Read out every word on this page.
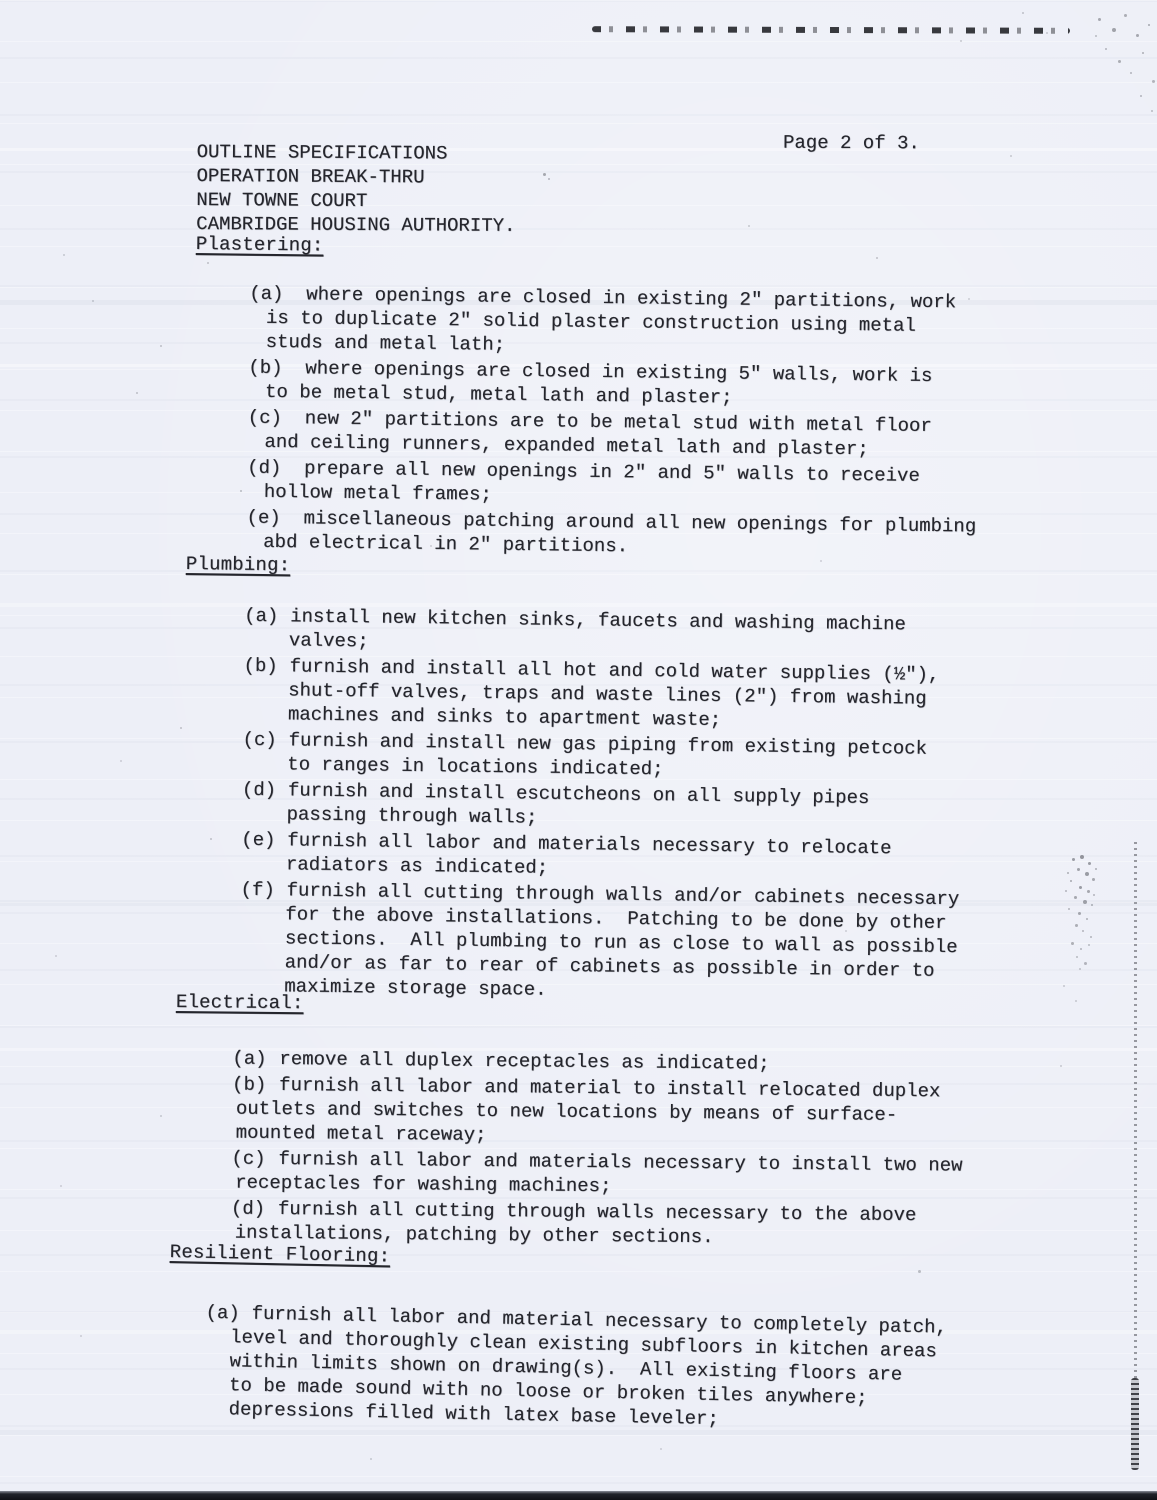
OUTLINE SPECIFICATIONS
OPERATION BREAK-THRU
NEW TOWNE COURT
CAMBRIDGE HOUSING AUTHORITY.

Page 2 of 3.
Plastering:
(a)	where openings are closed in existing 2" partitions, work
is to duplicate 2" solid plaster construction using metal
studs and metal lath;
(b)	where openings are closed in existing 5" walls, work is
to be metal stud, metal lath and plaster;
(c)	new 2" partitions are to be metal stud with metal floor
and ceiling runners, expanded metal lath and plaster;
(d)	prepare all new openings in 2" and 5" walls to receive
hollow metal frames;
(e)	miscellaneous patching around all new openings for plumbing
abd electrical in 2" partitions.
Plumbing:
(a) install new kitchen sinks, faucets and washing machine
valves;
(b) furnish and install all hot and cold water supplies (½"),
shut-off valves, traps and waste lines (2") from washing
machines and sinks to apartment waste;
(c) furnish and install new gas piping from existing petcock
to ranges in locations indicated;
(d) furnish and install escutcheons on all supply pipes
passing through walls;
(e) furnish all labor and materials necessary to relocate
radiators as indicated;
(f) furnish all cutting through walls and/or cabinets necessary
for the above installations.  Patching to be done by other
sections.  All plumbing to run as close to wall as possible
and/or as far to rear of cabinets as possible in order to
maximize storage space.
Electrical:
(a) remove all duplex receptacles as indicated;
(b) furnish all labor and material to install relocated duplex
outlets and switches to new locations by means of surface-
mounted metal raceway;
(c) furnish all labor and materials necessary to install two new
receptacles for washing machines;
(d) furnish all cutting through walls necessary to the above
installations, patching by other sections.
Resilient Flooring:
(a) furnish all labor and material necessary to completely patch,
level and thoroughly clean existing subfloors in kitchen areas
within limits shown on drawing(s).  All existing floors are
to be made sound with no loose or broken tiles anywhere;
depressions filled with latex base leveler;
